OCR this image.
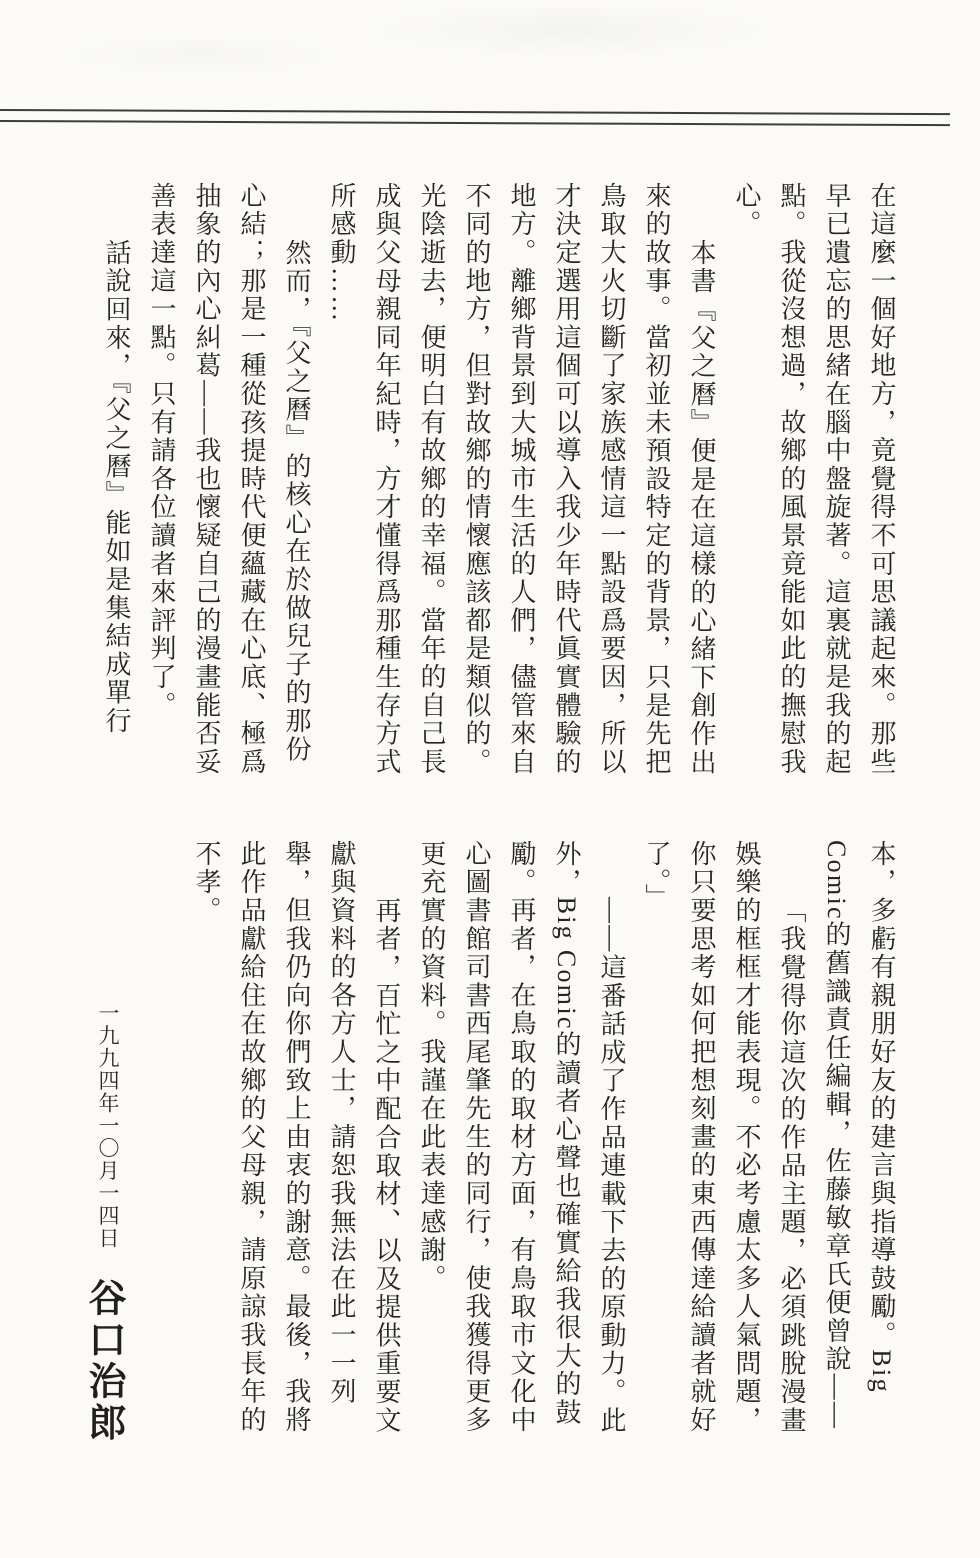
在這麼一個好地方，竟覺得不可思議起來。那些
早已遺忘的思緒在腦中盤旋著。這裏就是我的起
點。我從沒想過，故鄉的風景竟能如此的撫慰我
心。
本書『父之曆』便是在這樣的心緒下創作出
來的故事。當初並未預設特定的背景，只是先把
鳥取大火切斷了家族感情這一點設爲要因，所以
才決定選用這個可以導入我少年時代眞實體驗的
地方。離鄉背景到大城市生活的人們，儘管來自
不同的地方，但對故鄉的情懷應該都是類似的。
光陰逝去，便明白有故鄉的幸福。當年的自己長
成與父母親同年紀時，方才懂得爲那種生存方式
所感動……
然而，『父之曆』的核心在於做兒子的那份
心結；那是一種從孩提時代便蘊藏在心底、極爲
抽象的內心糾葛——我也懷疑自己的漫畫能否妥
善表達這一點。只有請各位讀者來評判了。
話說回來，『父之曆』能如是集結成單行
本，多虧有親朋好友的建言與指導鼓勵。Big
Comic的舊識責任編輯，佐藤敏章氏便曾說——
「我覺得你這次的作品主題，必須跳脫漫畫
娛樂的框框才能表現。不必考慮太多人氣問題，
你只要思考如何把想刻畫的東西傳達給讀者就好
了。」
——這番話成了作品連載下去的原動力。此
外，Big Comic的讀者心聲也確實給我很大的鼓
勵。再者，在鳥取的取材方面，有鳥取市文化中
心圖書館司書西尾肇先生的同行，使我獲得更多
更充實的資料。我謹在此表達感謝。
再者，百忙之中配合取材、以及提供重要文
獻與資料的各方人士，請恕我無法在此一一列
舉，但我仍向你們致上由衷的謝意。最後，我將
此作品獻給住在故鄉的父母親，請原諒我長年的
不孝。
一九九四年一〇月一四日
谷口治郎
